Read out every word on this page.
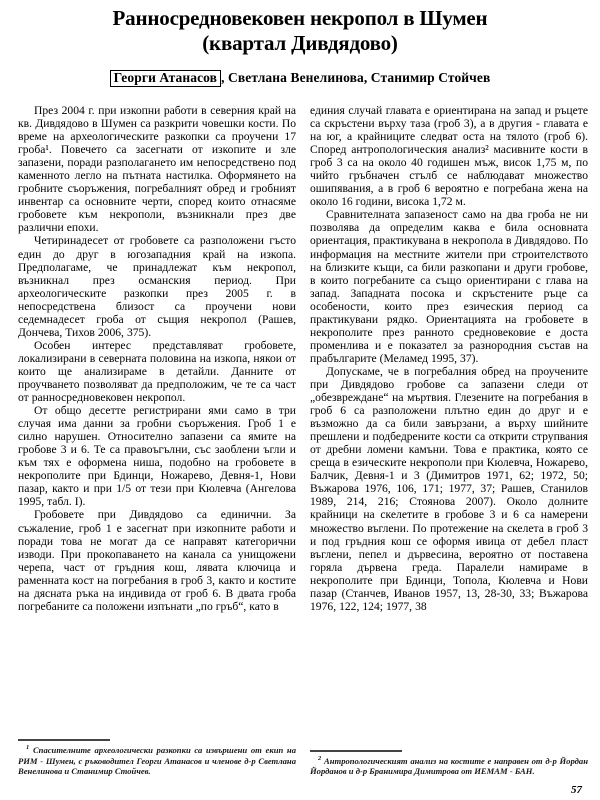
Ранносредновековен некропол в Шумен
(квартал Дивдядово)
Георги Атанасов , Светлана Венелинова, Станимир Стойчев

През 2004 г. при изкопни работи в северния край на кв. Дивдядово в Шумен са разкрити човешки кости. По време на археологическите разкопки са проучени 17 гроба¹. Повечето са засегнати от изкопите и зле запазени, поради разполагането им непосредствено под каменното легло на пътната настилка. Оформянето на гробните съоръжения, погребалният обред и гробният инвентар са основните черти, според които отнасяме гробовете към некрополи, възникнали през две различни епохи.

Четиринадесет от гробовете са разположени гъсто един до друг в югозападния край на изкопа. Предполагаме, че принадлежат към некропол, възникнал през османския период. При археологическите разкопки през 2005 г. в непосредствена близост са проучени нови седемнадесет гроба от същия некропол (Рашев, Дончева, Тихов 2006, 375).

Особен интерес представляват гробовете, локализирани в северната половина на изкопа, някои от които ще анализираме в детайли. Данните от проучването позволяват да предположим, че те са част от ранносредновековен некропол.

От общо десетте регистрирани ями само в три случая има данни за гробни съоръжения. Гроб 1 е силно нарушен. Относително запазени са ямите на гробове 3 и 6. Те са правоъгълни, със заоблени ъгли и към тях е оформена ниша, подобно на гробовете в некрополите при Бдинци, Ножарево, Девня-1, Нови пазар, както и при 1/5 от тези при Кюлевча (Ангелова 1995, табл. I).

Гробовете при Дивдядово са единични. За съжаление, гроб 1 е засегнат при изкопните работи и поради това не могат да се направят категорични изводи. При прокопаването на канала са унищожени черепа, част от гръдния кош, лявата ключица и раменната кост на погребания в гроб 3, както и костите на дясната ръка на индивида от гроб 6. В двата гроба погребаните са положени изпънати „по гръб“, като в

единия случай главата е ориентирана на запад и ръцете са скръстени върху таза (гроб 3), а в другия - главата е на юг, а крайниците следват оста на тялото (гроб 6). Според антропологическия анализ² масивните кости в гроб 3 са на около 40 годишен мъж, висок 1,75 м, по чийто гръбначен стълб се наблюдават множество ошипявания, а в гроб 6 вероятно е погребана жена на около 16 години, висока 1,72 м.

Сравнителната запазеност само на два гроба не ни позволява да определим каква е била основната ориентация, практикувана в некропола в Дивдядово. По информация на местните жители при строителството на близките къщи, са били разкопани и други гробове, в които погребаните са също ориентирани с глава на запад. Западната посока и скръстените ръце са особености, които през езическия период са практикувани рядко. Ориентацията на гробовете в некрополите през ранното средновековие е доста променлива и е показател за разнородния състав на прабългарите (Меламед 1995, 37).

Допускаме, че в погребалния обред на проучените при Дивдядово гробове са запазени следи от „обезвреждане“ на мъртвия. Глезените на погребания в гроб 6 са разположени плътно един до друг и е възможно да са били завързани, а върху шийните прешлени и подбедрените кости са открити струпвания от дребни ломени камъни. Това е практика, която се среща в езическите некрополи при Кюлевча, Ножарево, Балчик, Девня-1 и 3 (Димитров 1971, 62; 1972, 50; Въжарова 1976, 106, 171; 1977, 37; Рашев, Станилов 1989, 214, 216; Стоянова 2007). Около долните крайници на скелетите в гробове 3 и 6 са намерени множество въглени. По протежение на скелета в гроб 3 и под гръдния кош се оформя ивица от дебел пласт въглени, пепел и дървесина, вероятно от поставена горяла дървена греда. Паралели намираме в некрополите при Бдинци, Топола, Кюлевча и Нови пазар (Станчев, Иванов 1957, 13, 28-30, 33; Въжарова 1976, 122, 124; 1977, 38

$^1$ Спасителните археологически разкопки са извършени от екип на РИМ - Шумен, с ръководител Георги Атанасов и членове д-р Светлана Венелинова и Станимир Стойчев.

$^2$ Антропологическият анализ на костите е направен от д-р Йордан Йорданов и д-р Бранимира Димитрова от ИЕМАМ - БАН.

57
